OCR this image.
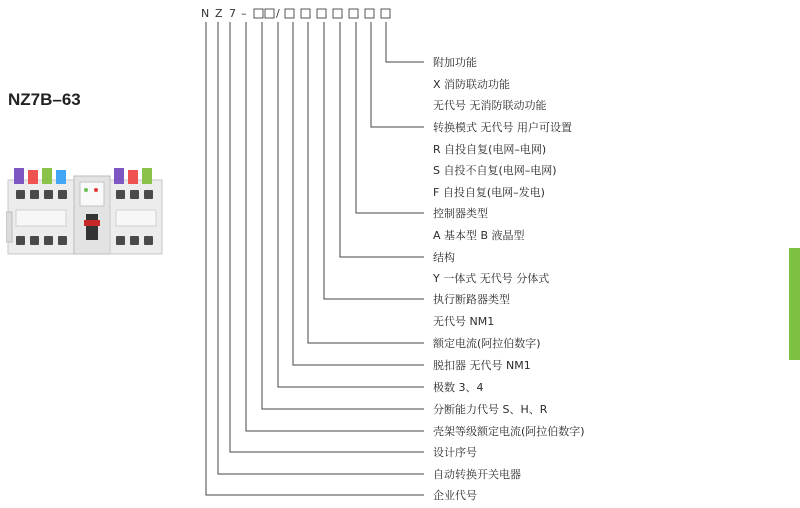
NZ7B–63
N Z 7 –	/
附加功能
X 消防联动功能
无代号 无消防联动功能
转换模式 无代号 用户可设置
R 自投自复(电网–电网)
S 自投不自复(电网–电网)
F 自投自复(电网–发电)
控制器类型
A 基本型 B 液晶型
结构
Y 一体式 无代号 分体式
执行断路器类型
无代号 NM1
额定电流(阿拉伯数字)
脱扣器 无代号 NM1
极数 3、4
分断能力代号 S、H、R
壳架等级额定电流(阿拉伯数字)
设计序号
自动转换开关电器
企业代号
